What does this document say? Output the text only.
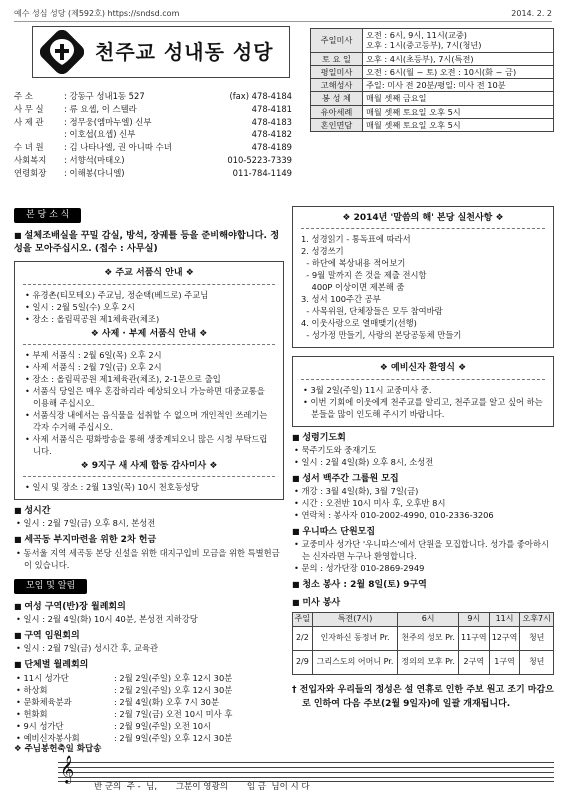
예수 성심 성당 (제592호) https://sndsd.com	2014. 2. 2
천주교 성내동 성당
주 소	: 강동구 성내1동 527	(fax) 478-4184
사 무 실	: 류 요셉, 이 스텔라	478-4181
사 제 관	: 정무웅(엠마누엘) 신부	478-4183
: 이호섭(요셉) 신부	478-4182
수 녀 원	: 김 나타나엘, 권 아니따 수녀	478-4189
사회복지	: 서향석(마태오)	010-5223-7339
연령회장	: 이해봉(다니엘)	011-784-1149
주일미사	오전 : 6시, 9시, 11시(교중)
오후 : 1시(중고등부), 7시(청년)

토 요 일	오후 : 4시(초등부), 7시(특전)

평일미사	오전 : 6시(월 ~ 토) 오전 : 10시(화 ~ 금)

고해성사	주일: 미사 전 20분/평일: 미사 전 10분

봉 성 체	매월 셋째 금요일

유아세례	매월 셋째 토요일 오후 5시

혼인면담	매월 셋째 토요일 오후 5시
본 당 소 식
■ 설체조배실을 꾸밀 감실, 방석, 장궤틀 등을 준비해야합니다. 정성을 모아주십시오. (접수 : 사무실)
❖ 주교 서품식 안내 ❖
• 유경촌(티모테오) 주교님, 정순택(베드로) 주교님
• 일시 : 2월 5일(수) 오후 2시
• 장소 : 올림픽공원 제1체육관(체조)
❖ 사제 · 부제 서품식 안내 ❖
• 부제 서품식 : 2월 6일(목) 오후 2시
• 사제 서품식 : 2월 7일(금) 오후 2시
• 장소 : 올림픽공원 제1체육관(체조), 2-1문으로 출입
• 서품식 당일은 매우 혼잡하리라 예상되오니 가능하면 대중교통을 이용해 주십시오.
• 서품식장 내에서는 음식물을 섭취할 수 없으며 개인적인 쓰레기는 각자 수거해 주십시오.
• 사제 서품식은 평화방송을 통해 생중계되오니 많은 시청 부탁드립니다.
❖ 9지구 새 사제 합동 감사미사 ❖
• 일시 및 장소 : 2월 13일(목) 10시 천호동성당
■ 성시간
• 일시 : 2월 7일(금) 오후 8시, 본성전
■ 세곡동 부지마련을 위한 2차 헌금
• 동서울 지역 세곡동 본당 신설을 위한 대지구입비 모금을 위한 특별헌금이 있습니다.
모임 및 알림
■ 여성 구역(반)장 월례회의
• 일시 : 2월 4일(화) 10시 40분, 본성전 지하강당
■ 구역 임원회의
• 일시 : 2월 7일(금) 성시간 후, 교육관
■ 단체별 월례회의
• 11시 성가단	: 2월 2일(주일) 오후 12시 30분
• 하상회	: 2월 2일(주일) 오후 12시 30분
• 문화체육분과	: 2월 4일(화) 오후 7시 30분
• 헌화회	: 2월 7일(금) 오전 10시 미사 후
• 9시 성가단	: 2월 9일(주일) 오전 10시
• 예비신자봉사회	: 2월 9일(주일) 오후 12시 30분
❖ 2014년 '말씀의 해' 본당 실천사항 ❖
1. 성경읽기 - 통독표에 따라서
2. 성경쓰기
- 하단에 복상내용 적어보기
- 9월 말까지 쓴 것을 제출 전시함
400P 이상이면 제본해 줌
3. 성서 100주간 공부
- 사목위원, 단체장들은 모두 참여바람
4. 이웃사랑으로 열매맺기(선행)
- 성가정 만들기, 사랑의 본당공동체 만들기
❖ 예비신자 환영식 ❖
• 3월 2일(주일) 11시 교중미사 중.
• 이번 기회에 이웃에게 천주교를 알리고, 천주교를 알고 싶어 하는 분들을 많이 인도해 주시기 바랍니다.
■ 성령기도회
• 묵주기도와 중재기도
• 일시 : 2월 4일(화) 오후 8시, 소성전
■ 성서 백주간 그룹원 모집
• 개강 : 3월 4일(화), 3월 7일(금)
• 시간 : 오전반 10시 미사 후, 오후반 8시
• 연락처 : 봉사자 010-2002-4990, 010-2336-3206
■ 우니따스 단원모집
• 교중미사 성가단 '우니따스'에서 단원을 모집합니다. 성가를 좋아하시는 신자라면 누구나 환영합니다.
• 문의 : 성가단장 010-2869-2949
■ 청소 봉사 : 2월 8일(토) 9구역
■ 미사 봉사
주일	특전(7시)	6시	9시	11시	오후7시
2/2	인자하신 동정녀 Pr.	천주의 성모 Pr.	11구역	12구역	청년
2/9	그리스도의 어머니 Pr.	정의의 모후 Pr.	2구역	1구역	청년
† 전입자와 우리들의 정성은 설 연휴로 인한 주보 원고 조기 마감으로 인하여 다음 주보(2월 9일자)에 일괄 개재됩니다.
❖ 주님봉헌축일 화답송
𝄞
반 군의  주 -  님,       그분이 영광의       임 금  님이 시 다
